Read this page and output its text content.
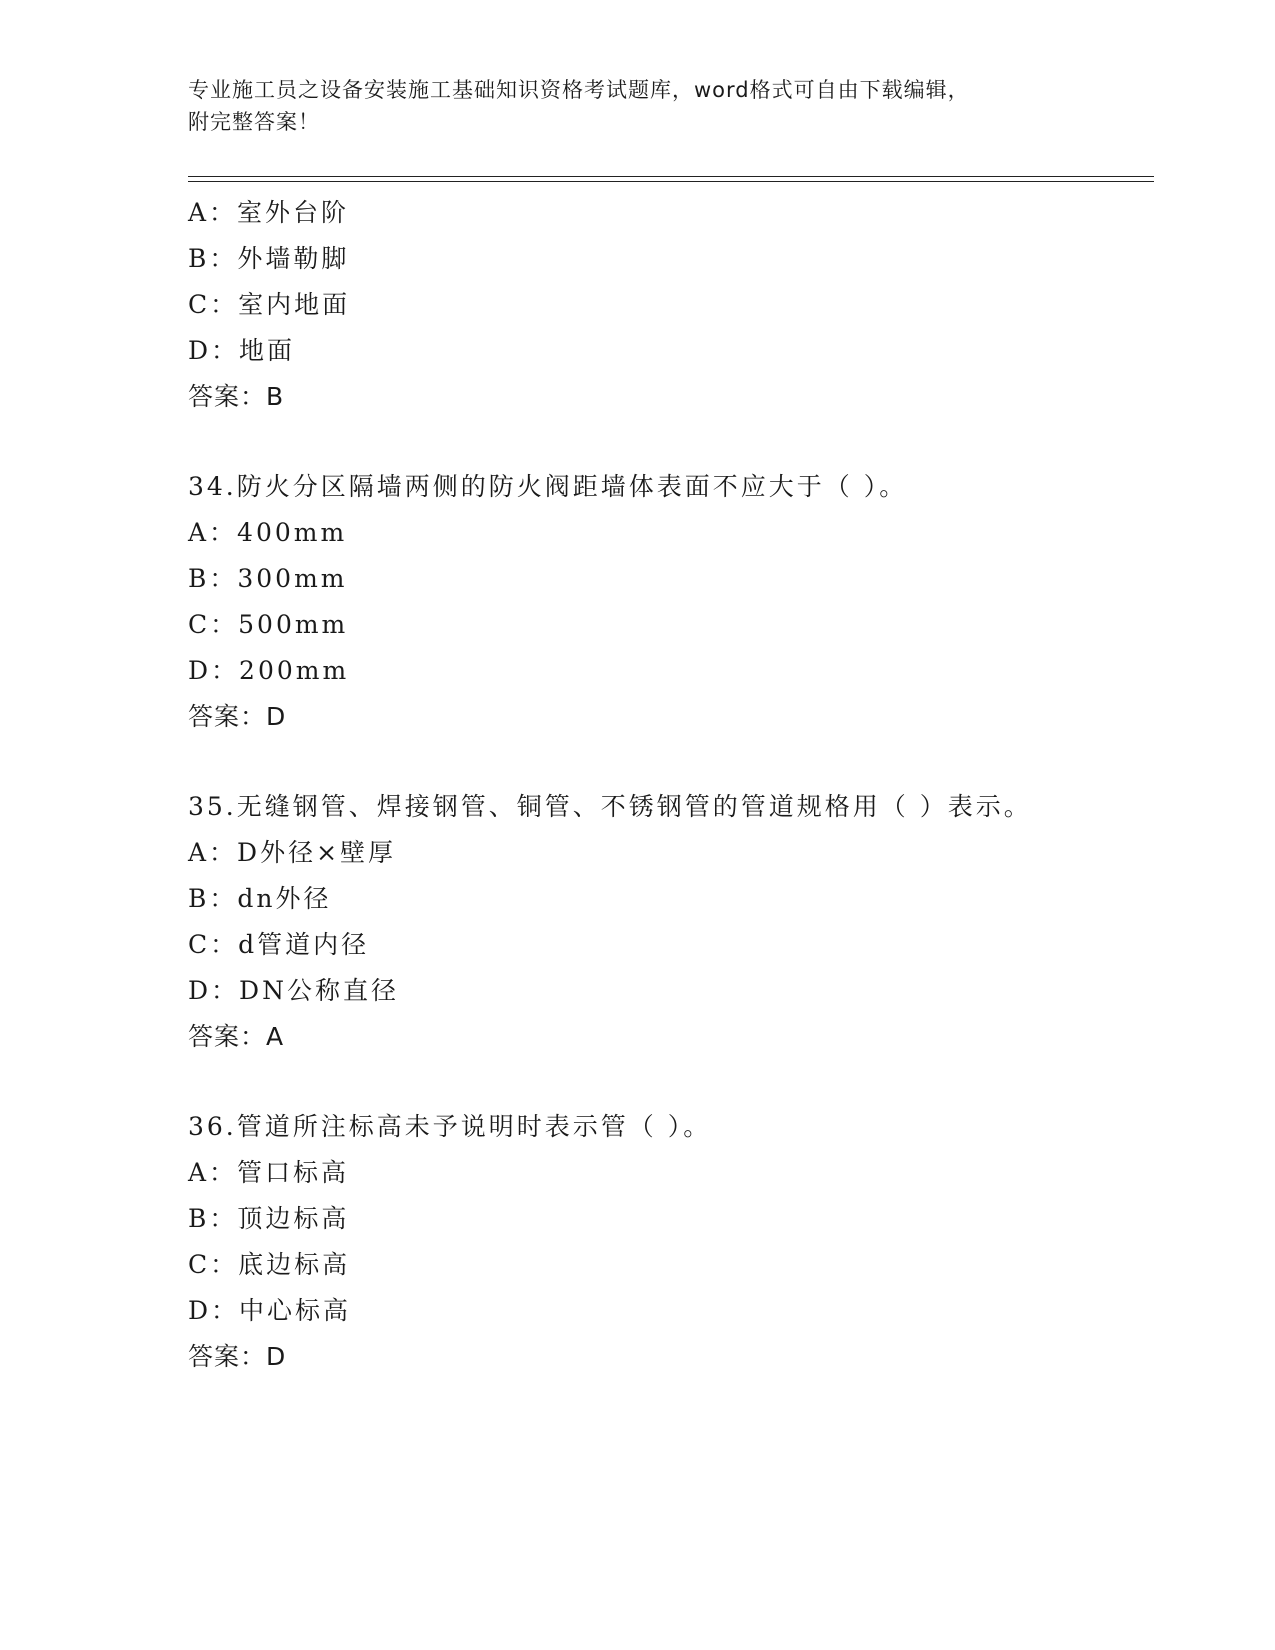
专业施工员之设备安装施工基础知识资格考试题库，word格式可自由下载编辑，
附完整答案！
A：室外台阶
B：外墙勒脚
C：室内地面
D：地面
答案：B
34.防火分区隔墙两侧的防火阀距墙体表面不应大于（ ）。
A：400mm
B：300mm
C：500mm
D：200mm
答案：D
35.无缝钢管、焊接钢管、铜管、不锈钢管的管道规格用（ ）表示。
A：D外径×壁厚
B：dn外径
C：d管道内径
D：DN公称直径
答案：A
36.管道所注标高未予说明时表示管（ ）。
A：管口标高
B：顶边标高
C：底边标高
D：中心标高
答案：D
